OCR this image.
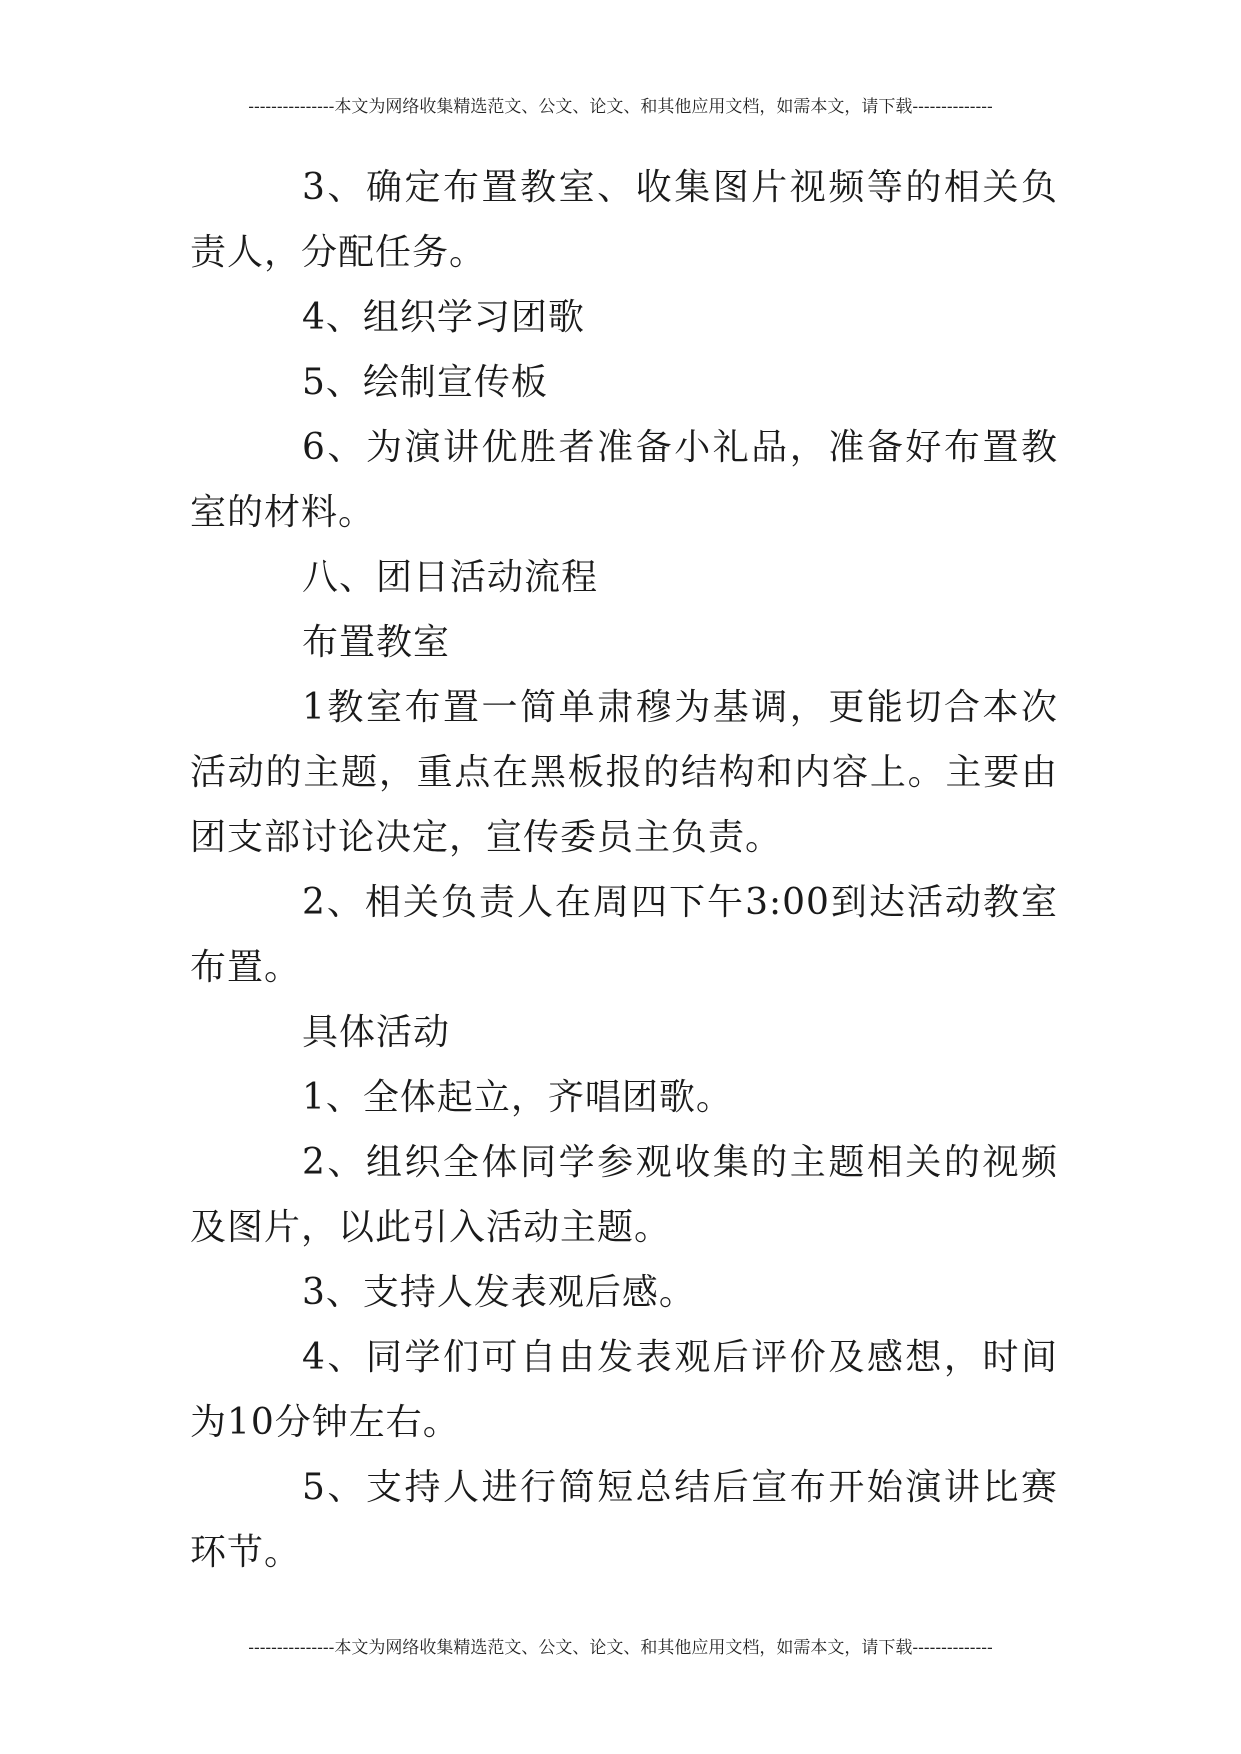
---------------本文为网络收集精选范文、公文、论文、和其他应用文档，如需本文，请下载--------------

3、确定布置教室、收集图片视频等的相关负责人，分配任务。

4、组织学习团歌

5、绘制宣传板

6、为演讲优胜者准备小礼品，准备好布置教室的材料。

八、团日活动流程

布置教室

1教室布置一简单肃穆为基调，更能切合本次活动的主题，重点在黑板报的结构和内容上。主要由团支部讨论决定，宣传委员主负责。

2、相关负责人在周四下午3:00到达活动教室布置。

具体活动

1、全体起立，齐唱团歌。

2、组织全体同学参观收集的主题相关的视频及图片，以此引入活动主题。

3、支持人发表观后感。

4、同学们可自由发表观后评价及感想，时间为10分钟左右。

5、支持人进行简短总结后宣布开始演讲比赛环节。

---------------本文为网络收集精选范文、公文、论文、和其他应用文档，如需本文，请下载--------------
